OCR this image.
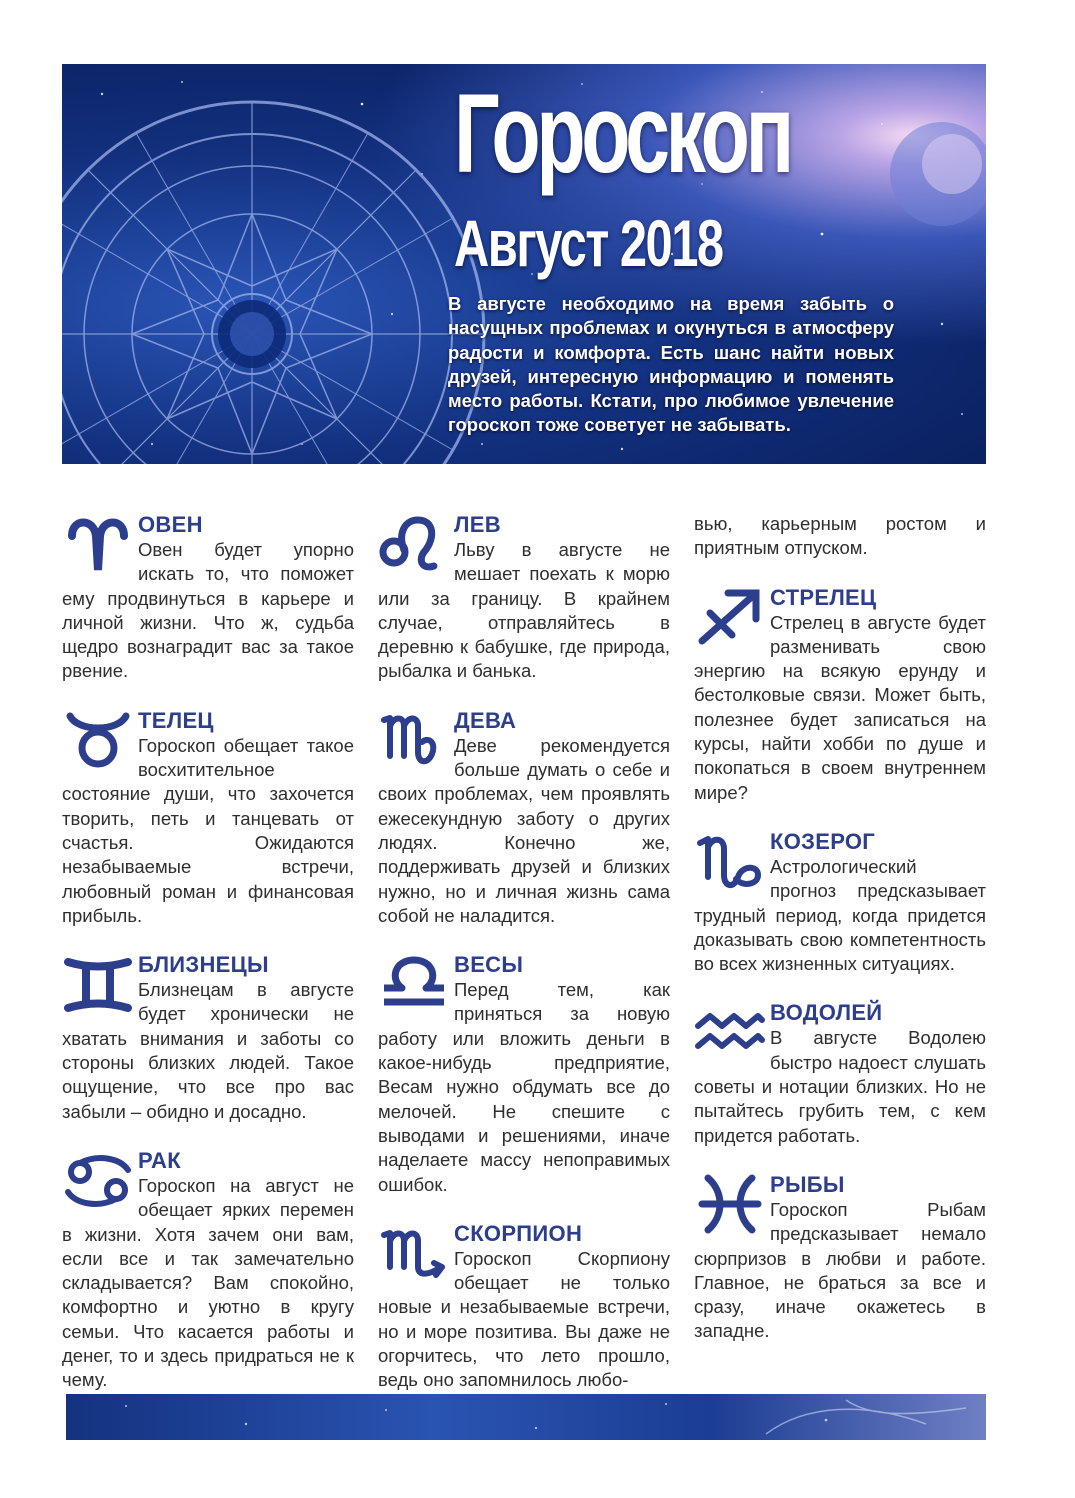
Гороскоп
Август 2018
В августе необходимо на время забыть о насущных проблемах и окунуться в атмосферу радости и комфорта. Есть шанс найти новых друзей, интересную информацию и поменять место работы. Кстати, про любимое увлечение гороскоп тоже советует не забывать.
ОВЕН
Овен будет упорно искать то, что поможет ему продвинуться в карьере и личной жизни. Что ж, судьба щедро вознаградит вас за такое рвение.
ТЕЛЕЦ
Гороскоп обещает такое восхитительное состояние души, что захочется творить, петь и танцевать от счастья. Ожидаются незабываемые встречи, любовный роман и финансовая прибыль.
БЛИЗНЕЦЫ
Близнецам в августе будет хронически не хватать внимания и заботы со стороны близких людей. Такое ощущение, что все про вас забыли – обидно и досадно.
РАК
Гороскоп на август не обещает ярких перемен в жизни. Хотя зачем они вам, если все и так замечательно складывается? Вам спокойно, комфортно и уютно в кругу семьи. Что касается работы и денег, то и здесь придраться не к чему.
ЛЕВ
Льву в августе не мешает поехать к морю или за границу. В крайнем случае, отправляйтесь в деревню к бабушке, где природа, рыбалка и банька.
ДЕВА
Деве рекомендуется больше думать о себе и своих проблемах, чем проявлять ежесекундную заботу о других людях. Конечно же, поддерживать друзей и близких нужно, но и личная жизнь сама собой не наладится.
ВЕСЫ
Перед тем, как приняться за новую работу или вложить деньги в какое-нибудь предприятие, Весам нужно обдумать все до мелочей. Не спешите с выводами и решениями, иначе наделаете массу непоправимых ошибок.
СКОРПИОН
Гороскоп Скорпиону обещает не только новые и незабываемые встречи, но и море позитива. Вы даже не огорчитесь, что лето прошло, ведь оно запомнилось любо-
вью, карьерным ростом и приятным отпуском.
СТРЕЛЕЦ
Стрелец в августе будет разменивать свою энергию на всякую ерунду и бестолковые связи. Может быть, полезнее будет записаться на курсы, найти хобби по душе и покопаться в своем внутреннем мире?
КОЗЕРОГ
Астрологический прогноз предсказывает трудный период, когда придется доказывать свою компетентность во всех жизненных ситуациях.
ВОДОЛЕЙ
В августе Водолею быстро надоест слушать советы и нотации близких. Но не пытайтесь грубить тем, с кем придется работать.
РЫБЫ
Гороскоп Рыбам предсказывает немало сюрпризов в любви и работе. Главное, не браться за все и сразу, иначе окажетесь в западне.
